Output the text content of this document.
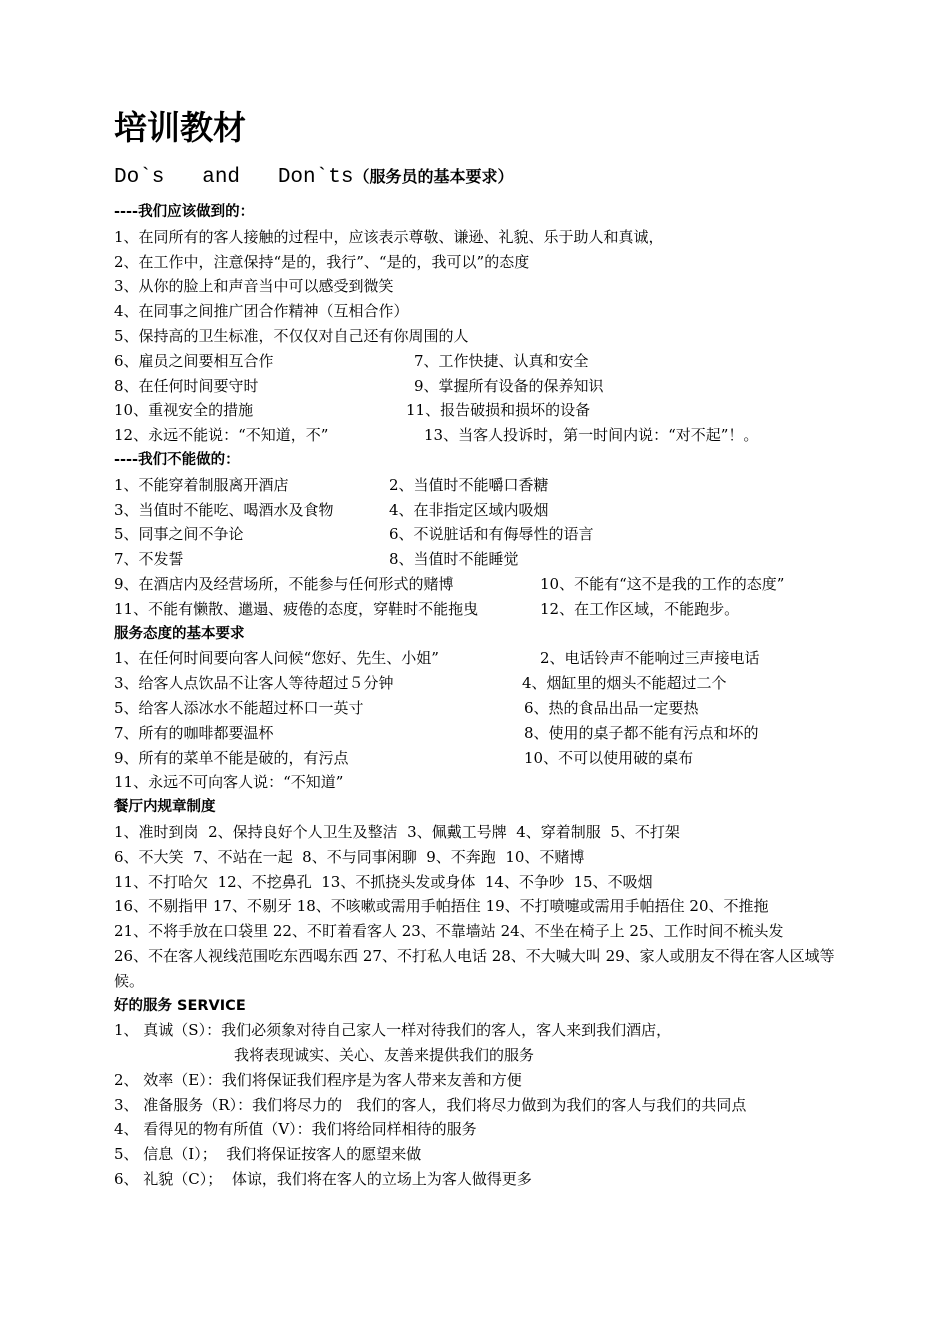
培训教材
Do`s   and   Don`ts（服务员的基本要求）
----我们应该做到的：
1、在同所有的客人接触的过程中，应该表示尊敬、谦逊、礼貌、乐于助人和真诚，
2、在工作中，注意保持“是的，我行”、“是的，我可以”的态度
3、从你的脸上和声音当中可以感受到微笑
4、在同事之间推广团合作精神（互相合作）
5、保持高的卫生标准，不仅仅对自己还有你周围的人
6、雇员之间要相互合作	7、工作快捷、认真和安全
8、在任何时间要守时	9、掌握所有设备的保养知识
10、重视安全的措施	11、报告破损和损坏的设备
12、永远不能说：“不知道，不”	13、当客人投诉时，第一时间内说：“对不起”！。
----我们不能做的：
1、不能穿着制服离开酒店	2、当值时不能嚼口香糖
3、当值时不能吃、喝酒水及食物	4、在非指定区域内吸烟
5、同事之间不争论	6、不说脏话和有侮辱性的语言
7、不发誓	8、当值时不能睡觉
9、在酒店内及经营场所，不能参与任何形式的赌博	10、不能有“这不是我的工作的态度”
11、不能有懒散、邋遢、疲倦的态度，穿鞋时不能拖曳	12、在工作区域，不能跑步。
服务态度的基本要求
1、在任何时间要向客人问候“您好、先生、小姐”	2、电话铃声不能响过三声接电话
3、给客人点饮品不让客人等待超过５分钟	4、烟缸里的烟头不能超过二个
5、给客人添冰水不能超过杯口一英寸	6、热的食品出品一定要热
7、所有的咖啡都要温杯	8、使用的桌子都不能有污点和坏的
9、所有的菜单不能是破的，有污点	10、不可以使用破的桌布
11、永远不可向客人说：“不知道”
餐厅内规章制度
1、准时到岗  2、保持良好个人卫生及整洁  3、佩戴工号牌  4、穿着制服  5、不打架
6、不大笑  7、不站在一起  8、不与同事闲聊  9、不奔跑  10、不赌博
11、不打哈欠  12、不挖鼻孔  13、不抓挠头发或身体  14、不争吵  15、不吸烟
16、不剔指甲 17、不剔牙 18、不咳嗽或需用手帕捂住 19、不打喷嚏或需用手帕捂住 20、不推拖
21、不将手放在口袋里 22、不盯着看客人 23、不靠墙站 24、不坐在椅子上 25、工作时间不梳头发
26、不在客人视线范围吃东西喝东西 27、不打私人电话 28、不大喊大叫 29、家人或朋友不得在客人区域等候。
好的服务 SERVICE
1、 真诚（S）：我们必须象对待自己家人一样对待我们的客人，客人来到我们酒店，
我将表现诚实、关心、友善来提供我们的服务
2、 效率（E）：我们将保证我们程序是为客人带来友善和方便
3、 准备服务（R）：我们将尽力的   我们的客人，我们将尽力做到为我们的客人与我们的共同点
4、 看得见的物有所值（V）：我们将给同样相待的服务
5、 信息（I）；  我们将保证按客人的愿望来做
6、 礼貌（C）；  体谅，我们将在客人的立场上为客人做得更多
